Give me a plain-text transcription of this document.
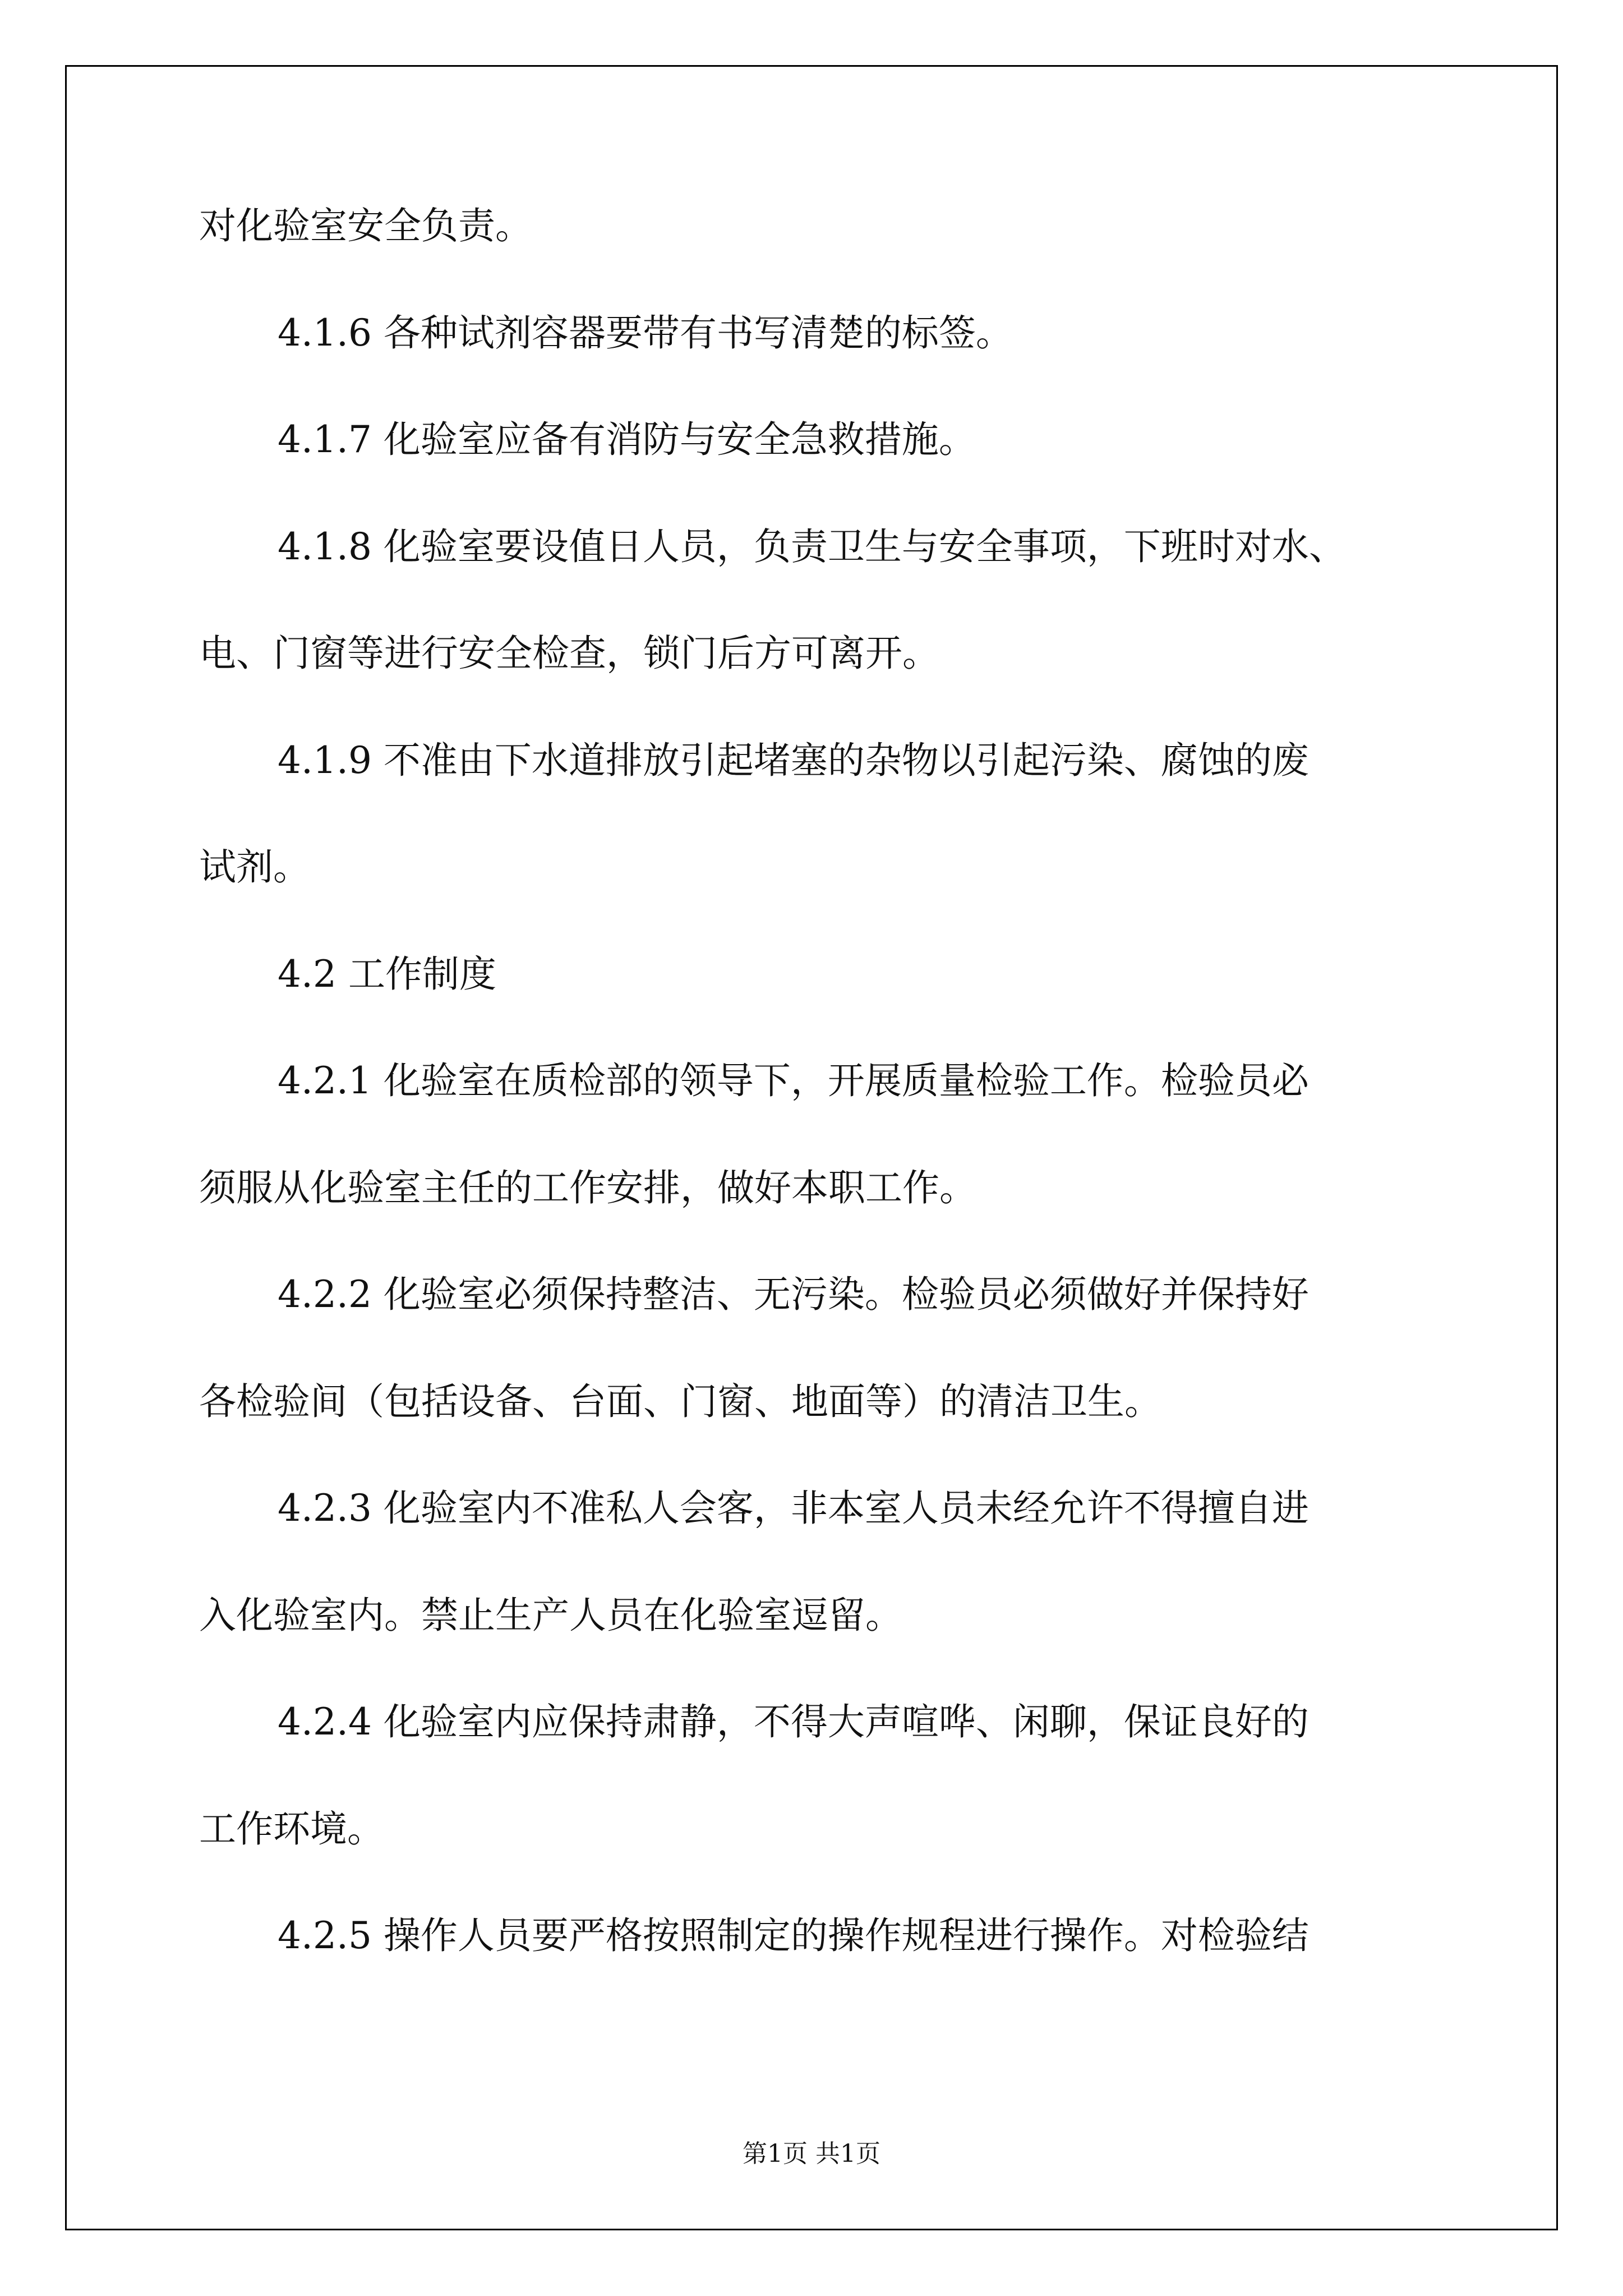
对化验室安全负责。
4.1.6 各种试剂容器要带有书写清楚的标签。
4.1.7 化验室应备有消防与安全急救措施。
4.1.8 化验室要设值日人员，负责卫生与安全事项，下班时对水、
电、门窗等进行安全检查，锁门后方可离开。
4.1.9 不准由下水道排放引起堵塞的杂物以引起污染、腐蚀的废
试剂。
4.2 工作制度
4.2.1 化验室在质检部的领导下，开展质量检验工作。检验员必
须服从化验室主任的工作安排，做好本职工作。
4.2.2 化验室必须保持整洁、无污染。检验员必须做好并保持好
各检验间（包括设备、台面、门窗、地面等）的清洁卫生。
4.2.3 化验室内不准私人会客，非本室人员未经允许不得擅自进
入化验室内。禁止生产人员在化验室逗留。
4.2.4 化验室内应保持肃静，不得大声喧哗、闲聊，保证良好的
工作环境。
4.2.5 操作人员要严格按照制定的操作规程进行操作。对检验结
第1页 共1页
